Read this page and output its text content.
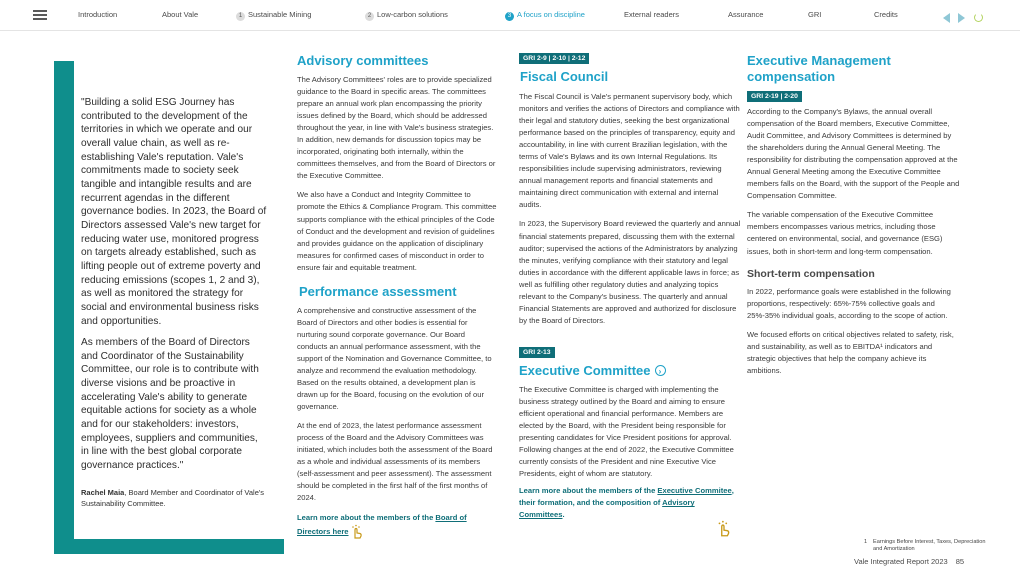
Introduction	About Vale	1 Sustainable Mining	2 Low-carbon solutions	3 A focus on discipline	External readers	Assurance	GRI	Credits

"Building a solid ESG Journey has contributed to the development of the territories in which we operate and our overall value chain, as well as re-establishing Vale's reputation. Vale's commitments made to society seek tangible and intangible results and are recurrent agendas in the different governance bodies. In 2023, the Board of Directors assessed Vale's new target for reducing water use, monitored progress on targets already established, such as lifting people out of extreme poverty and reducing emissions (scopes 1, 2 and 3), as well as monitored the strategy for social and environmental business risks and opportunities.

As members of the Board of Directors and Coordinator of the Sustainability Committee, our role is to contribute with diverse visions and be proactive in accelerating Vale's ability to generate equitable actions for society as a whole and for our stakeholders: investors, employees, suppliers and communities, in line with the best global corporate governance practices."

Rachel Maia, Board Member and Coordinator of Vale's Sustainability Committee.
Advisory committees

The Advisory Committees' roles are to provide specialized guidance to the Board in specific areas. The committees prepare an annual work plan encompassing the priority issues defined by the Board, which should be addressed throughout the year, in line with Vale's business strategies. In addition, new demands for discussion topics may be incorporated, originating both internally, within the committees themselves, and from the Board of Directors or the Executive Committee.

We also have a Conduct and Integrity Committee to promote the Ethics & Compliance Program. This committee supports compliance with the ethical principles of the Code of Conduct and the development and revision of guidelines and provides guidance on the application of disciplinary measures for confirmed cases of misconduct in order to ensure fair and equitable treatment.

Performance assessment

A comprehensive and constructive assessment of the Board of Directors and other bodies is essential for nurturing sound corporate governance. Our Board conducts an annual performance assessment, with the support of the Nomination and Governance Committee, to analyze and recommend the evaluation methodology. Based on the results obtained, a development plan is drawn up for the Board, focusing on the evolution of our governance.

At the end of 2023, the latest performance assessment process of the Board and the Advisory Committees was initiated, which includes both the assessment of the Board as a whole and individual assessments of its members (self-assessment and peer assessment). The assessment should be completed in the first half of the first months of 2024.

Learn more about the members of the Board of Directors here
GRI 2-9 | 2-10 | 2-12
Fiscal Council

The Fiscal Council is Vale's permanent supervisory body, which monitors and verifies the actions of Directors and compliance with their legal and statutory duties, seeking the best organizational performance based on the principles of transparency, equity and accountability, in line with current Brazilian legislation, with the terms of Vale's Bylaws and its own Internal Regulations. Its responsibilities include supervising administrators, reviewing annual management reports and financial statements and maintaining direct communication with external and internal audits.

In 2023, the Supervisory Board reviewed the quarterly and annual financial statements prepared, discussing them with the external auditor; supervised the actions of the Administrators by analyzing the minutes, verifying compliance with their statutory and legal duties in accordance with the different applicable laws in force; as well as fulfilling other regulatory duties and analyzing topics relevant to the Company's business. The quarterly and annual Financial Statements are approved and authorized for disclosure by the Board of Directors.

GRI 2-13
Executive Committee ›

The Executive Committee is charged with implementing the business strategy outlined by the Board and aiming to ensure efficient operational and financial performance. Members are elected by the Board, with the President being responsible for presenting candidates for Vice President positions for approval. Following changes at the end of 2022, the Executive Committee currently consists of the President and nine Executive Vice Presidents, eight of whom are statutory.

Learn more about the members of the Executive Commitee, their formation, and the composition of Advisory Committees.
Executive Management compensation
GRI 2-19 | 2-20

According to the Company's Bylaws, the annual overall compensation of the Board members, Executive Committee, Audit Committee, and Advisory Committees is determined by the shareholders during the Annual General Meeting. The responsibility for distributing the compensation approved at the Annual General Meeting among the Executive Committee members falls on the Board, with the support of the People and Compensation Committee.

The variable compensation of the Executive Committee members encompasses various metrics, including those centered on environmental, social, and governance (ESG) issues, both in short-term and long-term compensation.

Short-term compensation

In 2022, performance goals were established in the following proportions, respectively: 65%-75% collective goals and 25%-35% individual goals, according to the scope of action.

We focused efforts on critical objectives related to safety, risk, and sustainability, as well as to EBITDA¹ indicators and strategic objectives that help the company achieve its ambitions.

1 Earnings Before Interest, Taxes, Depreciation and Amortization
Vale Integrated Report 2023 85
